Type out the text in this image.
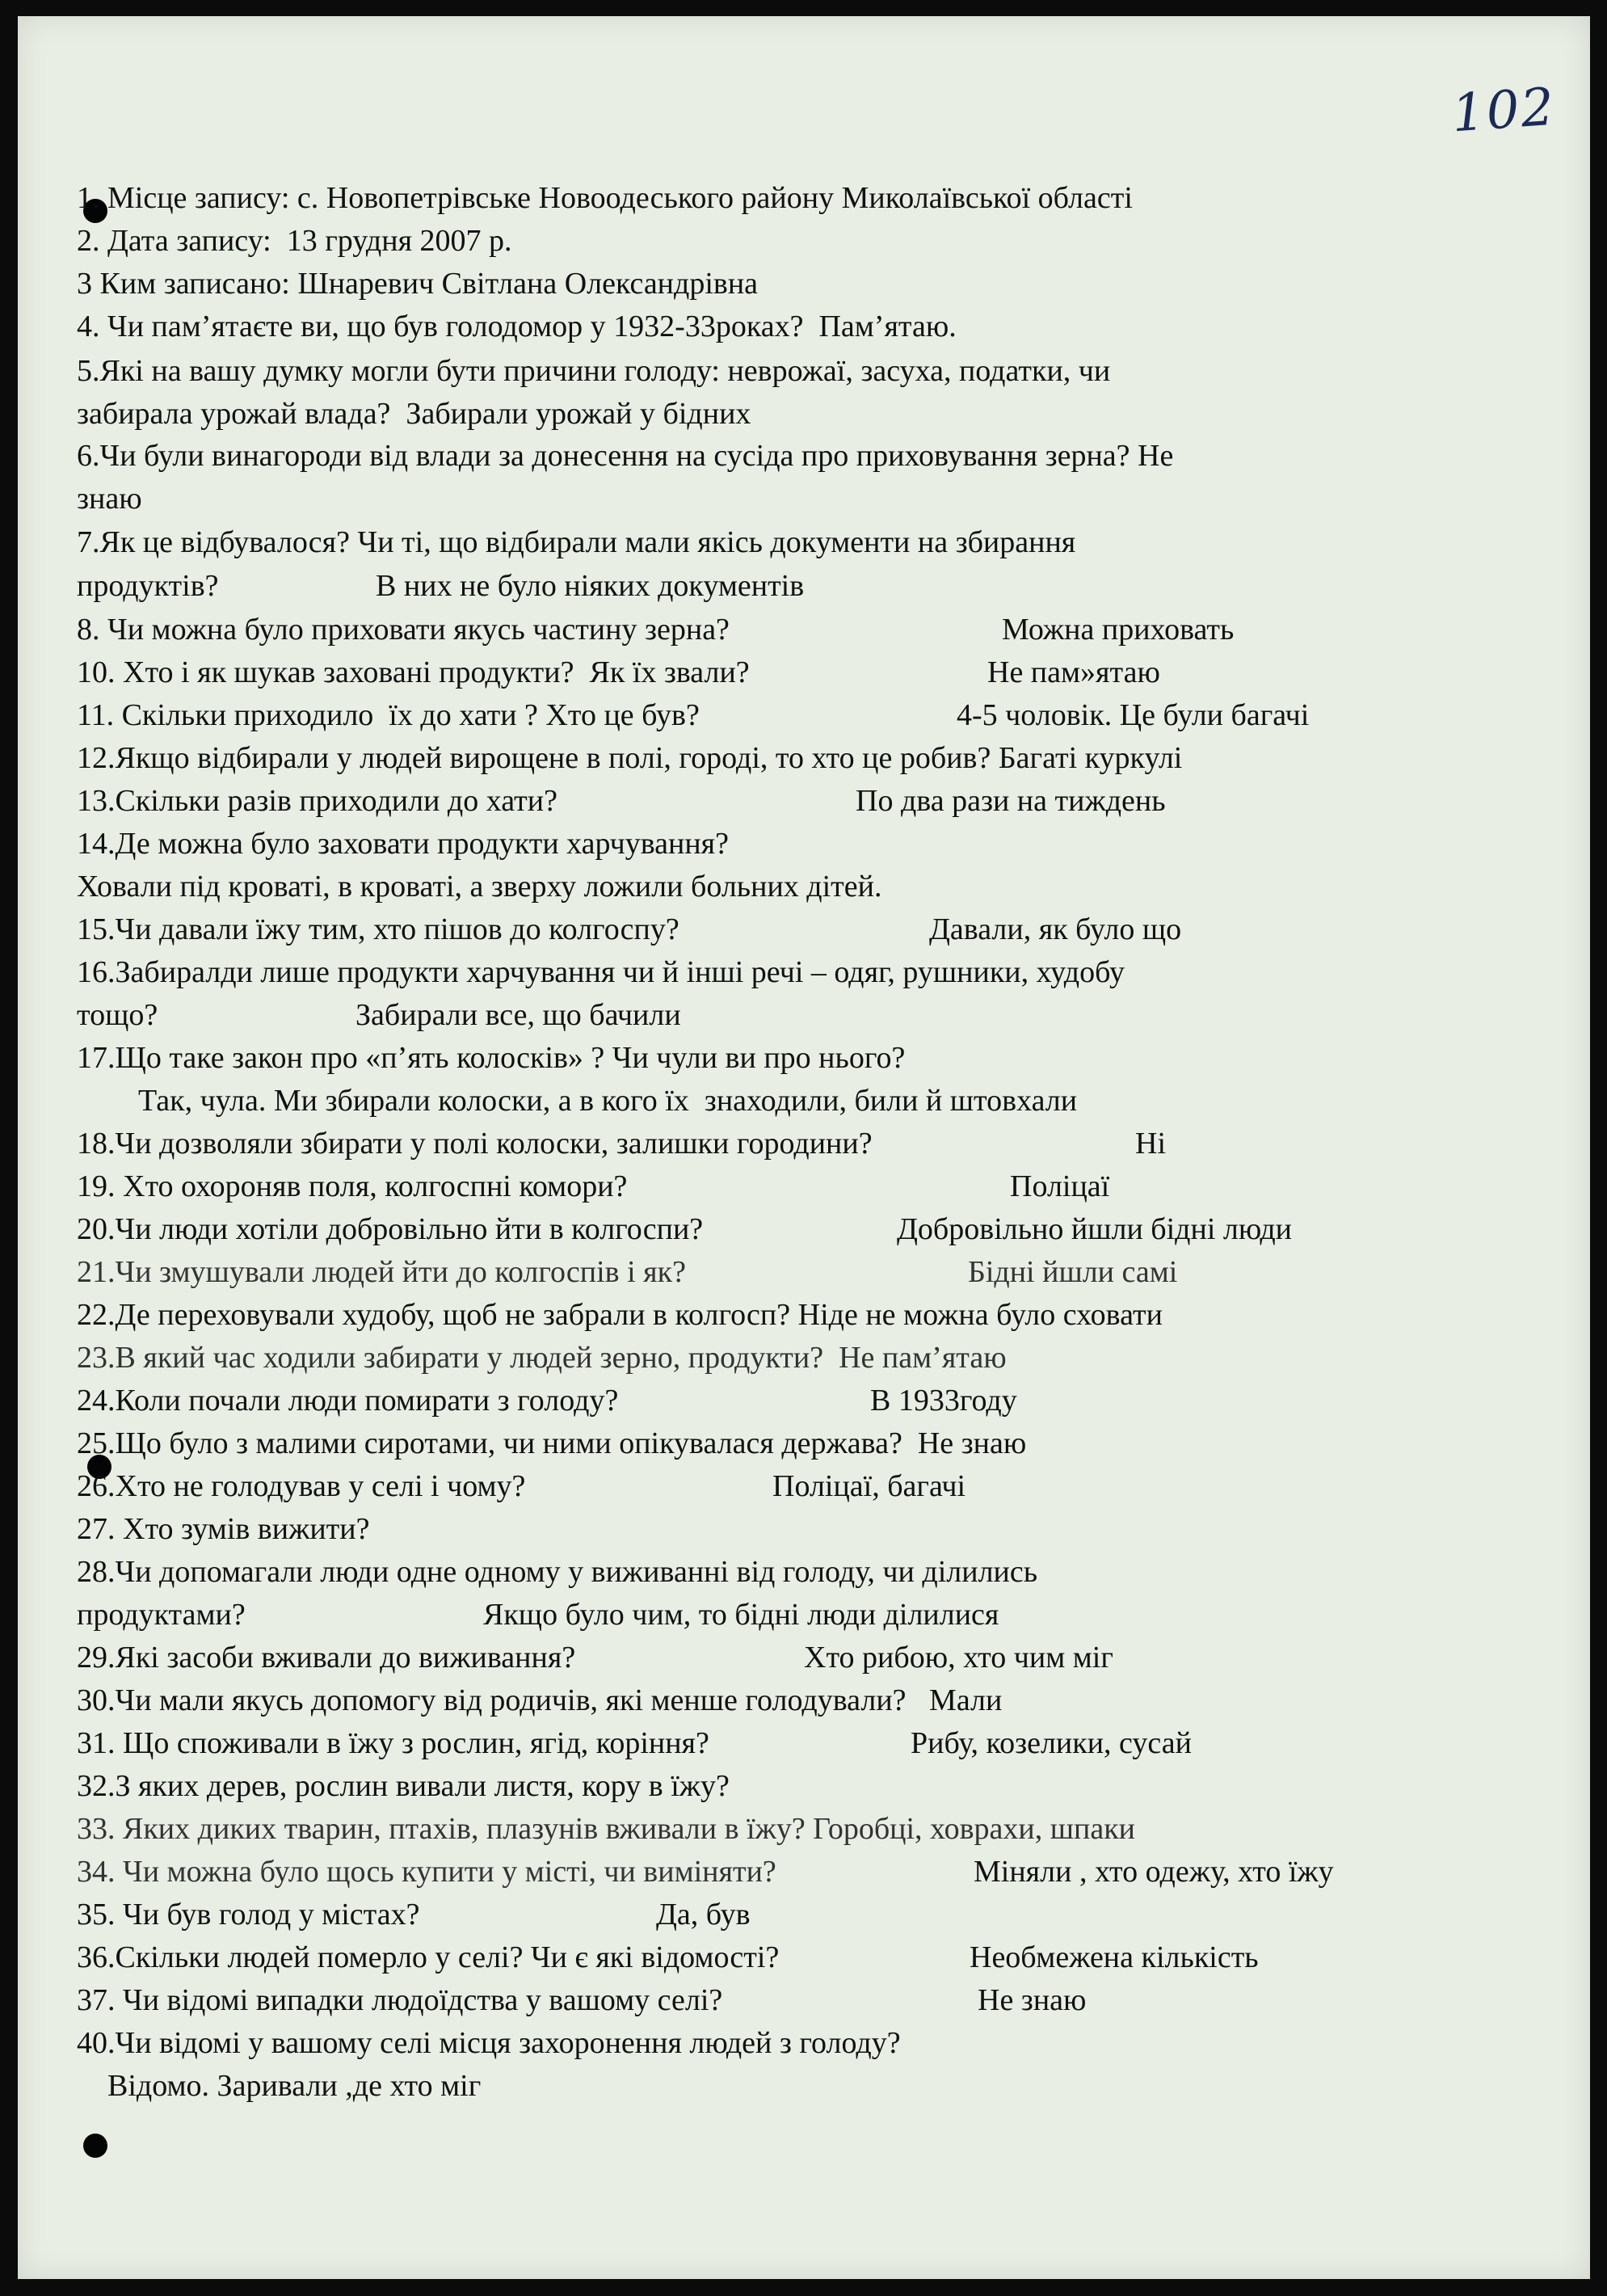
102
1. Місце запису: с. Новопетрівське Новоодеського району Миколаївської області
2. Дата запису:  13 грудня 2007 р.
3 Ким записано: Шнаревич Світлана Олександрівна
4. Чи пам’ятаєте ви, що був голодомор у 1932-33роках?  Пам’ятаю.
5.Які на вашу думку могли бути причини голоду: неврожаї, засуха, податки, чи
забирала урожай влада?  Забирали урожай у бідних
6.Чи були винагороди від влади за донесення на сусіда про приховування зерна? Не
знаю
7.Як це відбувалося? Чи ті, що відбирали мали якісь документи на збирання
продуктів?	В них не було ніяких документів
8. Чи можна було приховати якусь частину зерна?	Можна приховать
10. Хто і як шукав заховані продукти?  Як їх звали?	Не пам»ятаю
11. Скільки приходило  їх до хати ? Хто це був?	4-5 чоловік. Це були багачі
12.Якщо відбирали у людей вирощене в полі, городі, то хто це робив? Багаті куркулі
13.Скільки разів приходили до хати?	По два рази на тиждень
14.Де можна було заховати продукти харчування?
Ховали під кроваті, в кроваті, а зверху ложили больних дітей.
15.Чи давали їжу тим, хто пішов до колгоспу?	Давали, як було що
16.Забиралди лише продукти харчування чи й інші речі – одяг, рушники, худобу
тощо?	Забирали все, що бачили
17.Що таке закон про «п’ять колосків» ? Чи чули ви про нього?
Так, чула. Ми збирали колоски, а в кого їх  знаходили, били й штовхали
18.Чи дозволяли збирати у полі колоски, залишки городини?	Ні
19. Хто охороняв поля, колгоспні комори?	Поліцаї
20.Чи люди хотіли добровільно йти в колгоспи?	Добровільно йшли бідні люди
21.Чи змушували людей йти до колгоспів і як?	Бідні йшли самі
22.Де переховували худобу, щоб не забрали в колгосп? Ніде не можна було сховати
23.В який час ходили забирати у людей зерно, продукти?  Не пам’ятаю
24.Коли почали люди помирати з голоду?	В 1933году
25.Що було з малими сиротами, чи ними опікувалася держава?  Не знаю
26.Хто не голодував у селі і чому?	Поліцаї, багачі
27. Хто зумів вижити?
28.Чи допомагали люди одне одному у виживанні від голоду, чи ділились
продуктами?	Якщо було чим, то бідні люди ділилися
29.Які засоби вживали до виживання?	Хто рибою, хто чим міг
30.Чи мали якусь допомогу від родичів, які менше голодували?   Мали
31. Що споживали в їжу з рослин, ягід, коріння?	Рибу, козелики, сусай
32.З яких дерев, рослин вивали листя, кору в їжу?
33. Яких диких тварин, птахів, плазунів вживали в їжу? Горобці, ховрахи, шпаки
34. Чи можна було щось купити у місті, чи виміняти?	Міняли , хто одежу, хто їжу
35. Чи був голод у містах?	Да, був
36.Скільки людей померло у селі? Чи є які відомості?	Необмежена кількість
37. Чи відомі випадки людоїдства у вашому селі?	Не знаю
40.Чи відомі у вашому селі місця захоронення людей з голоду?
Відомо. Заривали ,де хто міг
